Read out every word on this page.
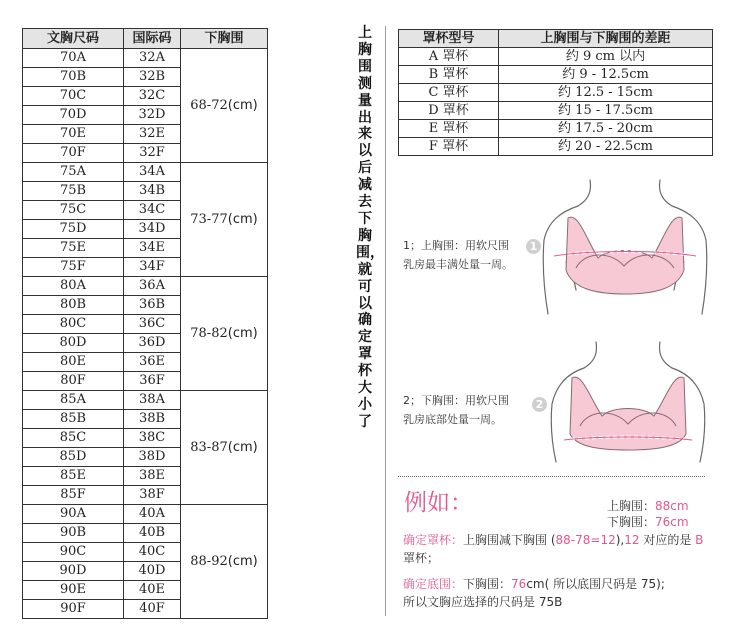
文胸尺码	国际码	下胸围
70A	32A	68-72(cm)
70B	32B	
70C	32C	
70D	32D	
70E	32E	
70F	32F	
75A	34A	73-77(cm)
75B	34B	
75C	34C	
75D	34D	
75E	34E	
75F	34F	
80A	36A	78-82(cm)
80B	36B	
80C	36C	
80D	36D	
80E	36E	
80F	36F	
85A	38A	83-87(cm)
85B	38B	
85C	38C	
85D	38D	
85E	38E	
85F	38F	
90A	40A	88-92(cm)
90B	40B	
90C	40C	
90D	40D	
90E	40E	
90F	40F	
上胸围测量出来以后减去下胸围，就可以确定罩杯大小了
罩杯型号	上胸围与下胸围的差距
A 罩杯	约 9 cm 以内
B 罩杯	约 9 - 12.5cm
C 罩杯	约 12.5 - 15cm
D 罩杯	约 15 - 17.5cm
E 罩杯	约 17.5 - 20cm
F 罩杯	约 20 - 22.5cm
1；上胸围：用软尺围
乳房最丰满处量一周。
1
2；下胸围：用软尺围
乳房底部处量一周。
2
例如：	上胸围：88cm
下胸围：76cm
确定罩杯：上胸围减下胸围 (88-78=12),12 对应的是 B 罩杯；
确定底围：下胸围：76cm( 所以底围尺码是 75);
所以文胸应选择的尺码是 75B
